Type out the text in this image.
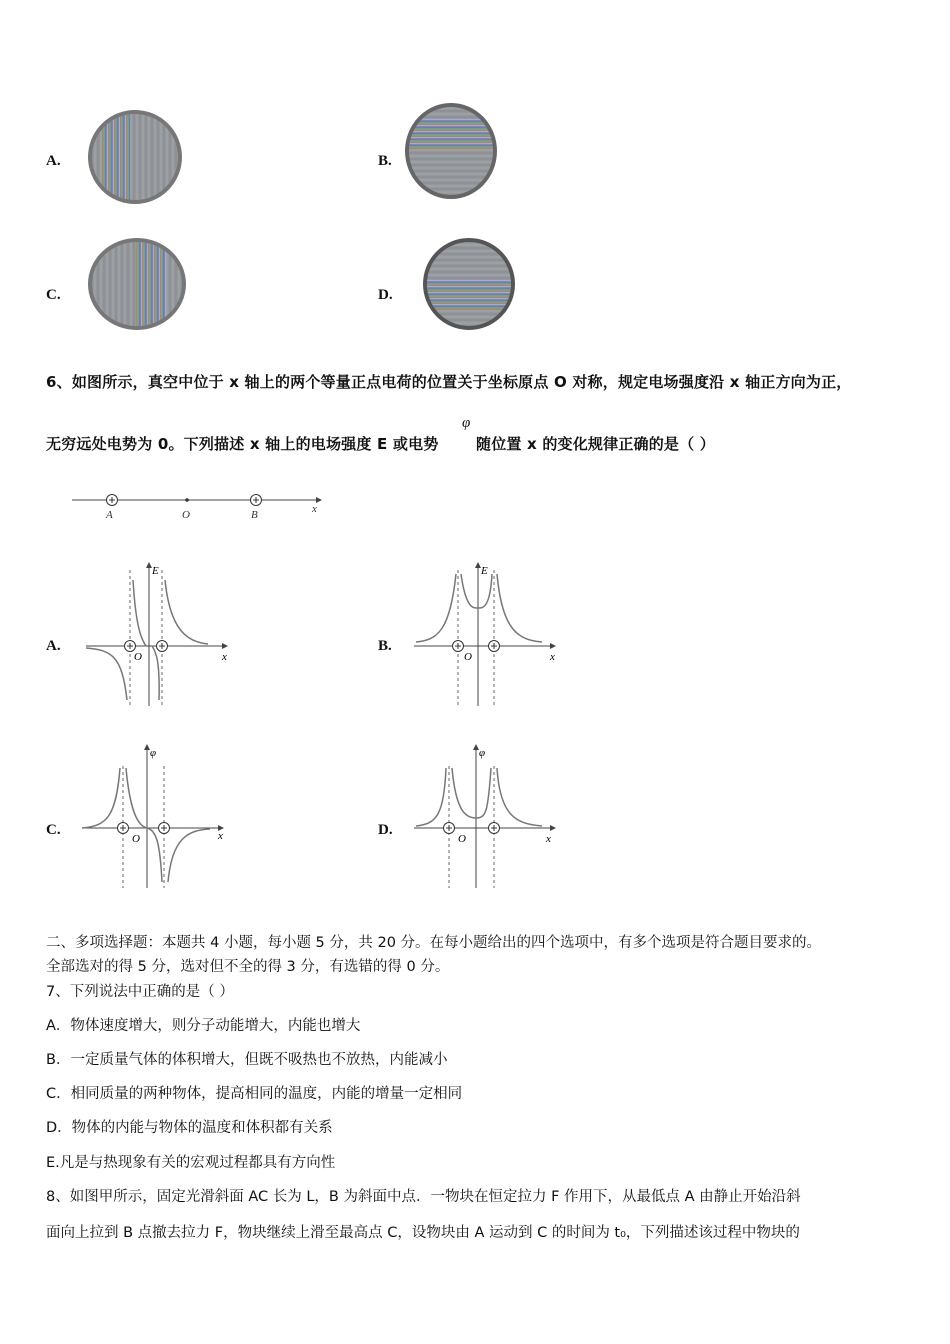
A.	B.
C.	D.
6、如图所示，真空中位于 x 轴上的两个等量正点电荷的位置关于坐标原点 O 对称，规定电场强度沿 x 轴正方向为正，
无穷远处电势为 0。下列描述 x 轴上的电场强度 E 或电势
φ
随位置 x 的变化规律正确的是（ ）
A	O	B	x
A.
E
O	x
B.
E
O	x
C.
φ
O	x	D.
φ
O	x
二、多项选择题：本题共 4 小题，每小题 5 分，共 20 分。在每小题给出的四个选项中，有多个选项是符合题目要求的。
全部选对的得 5 分，选对但不全的得 3 分，有选错的得 0 分。
7、下列说法中正确的是（ ）
A．物体速度增大，则分子动能增大，内能也增大
B．一定质量气体的体积增大，但既不吸热也不放热，内能减小
C．相同质量的两种物体，提高相同的温度，内能的增量一定相同
D．物体的内能与物体的温度和体积都有关系
E.凡是与热现象有关的宏观过程都具有方向性
8、如图甲所示，固定光滑斜面 AC 长为 L，B 为斜面中点．一物块在恒定拉力 F 作用下，从最低点 A 由静止开始沿斜
面向上拉到 B 点撤去拉力 F，物块继续上滑至最高点 C，设物块由 A 运动到 C 的时间为 t₀，下列描述该过程中物块的
